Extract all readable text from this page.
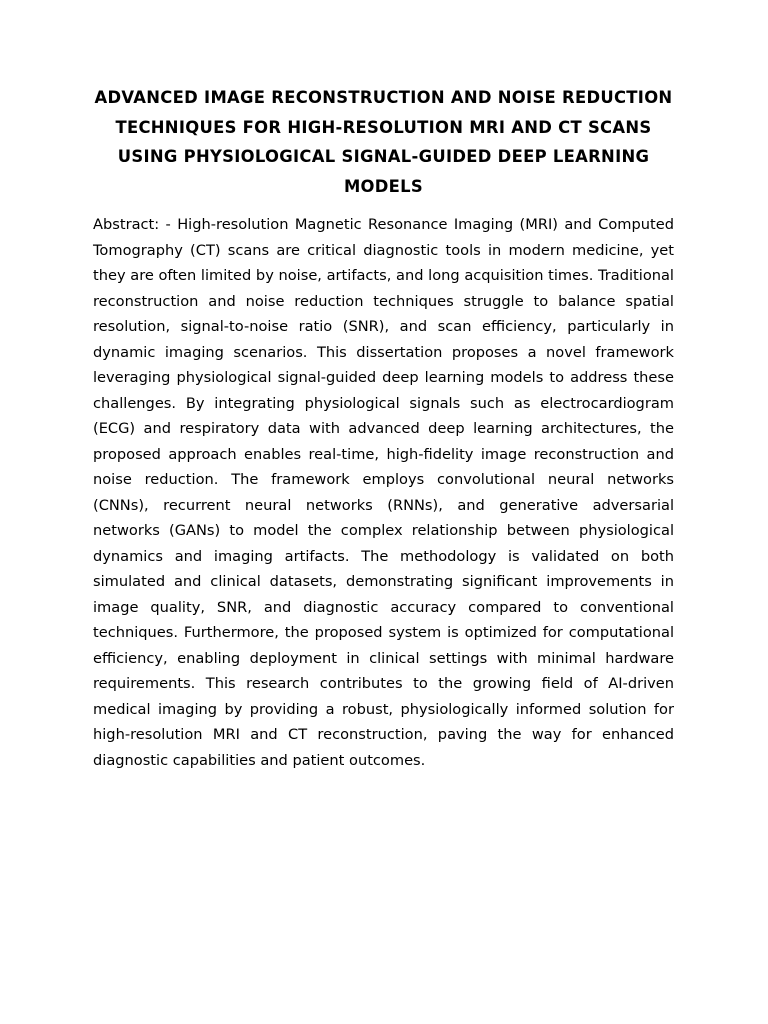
ADVANCED IMAGE RECONSTRUCTION AND NOISE REDUCTION TECHNIQUES FOR HIGH-RESOLUTION MRI AND CT SCANS USING PHYSIOLOGICAL SIGNAL-GUIDED DEEP LEARNING MODELS

Abstract: - High-resolution Magnetic Resonance Imaging (MRI) and Computed Tomography (CT) scans are critical diagnostic tools in modern medicine, yet they are often limited by noise, artifacts, and long acquisition times. Traditional reconstruction and noise reduction techniques struggle to balance spatial resolution, signal-to-noise ratio (SNR), and scan efficiency, particularly in dynamic imaging scenarios. This dissertation proposes a novel framework leveraging physiological signal-guided deep learning models to address these challenges. By integrating physiological signals such as electrocardiogram (ECG) and respiratory data with advanced deep learning architectures, the proposed approach enables real-time, high-fidelity image reconstruction and noise reduction. The framework employs convolutional neural networks (CNNs), recurrent neural networks (RNNs), and generative adversarial networks (GANs) to model the complex relationship between physiological dynamics and imaging artifacts. The methodology is validated on both simulated and clinical datasets, demonstrating significant improvements in image quality, SNR, and diagnostic accuracy compared to conventional techniques. Furthermore, the proposed system is optimized for computational efficiency, enabling deployment in clinical settings with minimal hardware requirements. This research contributes to the growing field of AI-driven medical imaging by providing a robust, physiologically informed solution for high-resolution MRI and CT reconstruction, paving the way for enhanced diagnostic capabilities and patient outcomes.
